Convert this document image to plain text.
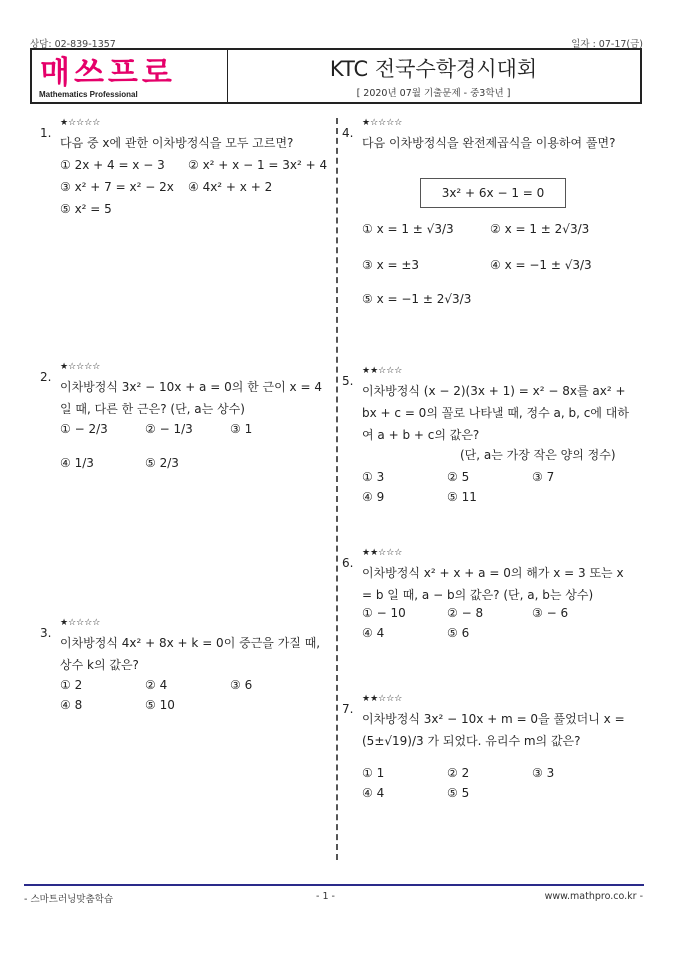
상담: 02-839-1357	일자 : 07-17(금)
매쓰프로
Mathematics Professional
KTC 전국수학경시대회
[ 2020년 07월 기출문제 - 중3학년 ]
1.
★☆☆☆☆
다음 중 x에 관한 이차방정식을 모두 고르면?
① 2x + 4 = x − 3 ② x² + x − 1 = 3x² + 4
③ x² + 7 = x² − 2x ④ 4x² + x + 2
⑤ x² = 5
2.
★☆☆☆☆
이차방정식 3x² − 10x + a = 0의 한 근이 x = 4일 때, 다른 한 근은? (단, a는 상수)
① − 2/3	② − 1/3	③ 1
④ 1/3	⑤ 2/3
3.
★☆☆☆☆
이차방정식 4x² + 8x + k = 0이 중근을 가질 때, 상수 k의 값은?
① 2	② 4	③ 6
④ 8	⑤ 10
4.
★☆☆☆☆
다음 이차방정식을 완전제곱식을 이용하여 풀면?
3x² + 6x − 1 = 0
① x = 1 ± √3/3	② x = 1 ± 2√3/3
③ x = ±3	④ x = −1 ± √3/3
⑤ x = −1 ± 2√3/3
5.
★★☆☆☆
이차방정식 (x − 2)(3x + 1) = x² − 8x를 ax² + bx + c = 0의 꼴로 나타낼 때, 정수 a, b, c에 대하여 a + b + c의 값은?
(단, a는 가장 작은 양의 정수)
① 3	② 5	③ 7
④ 9	⑤ 11
6.
★★☆☆☆
이차방정식 x² + x + a = 0의 해가 x = 3 또는 x = b 일 때, a − b의 값은? (단, a, b는 상수)
① − 10	② − 8	③ − 6
④ 4	⑤ 6
7.
★★☆☆☆
이차방정식 3x² − 10x + m = 0을 풀었더니 x = (5±√19)/3 가 되었다. 유리수 m의 값은?
① 1	② 2	③ 3
④ 4	⑤ 5
- 스마트러닝맞춤학습	- 1 -	www.mathpro.co.kr -
